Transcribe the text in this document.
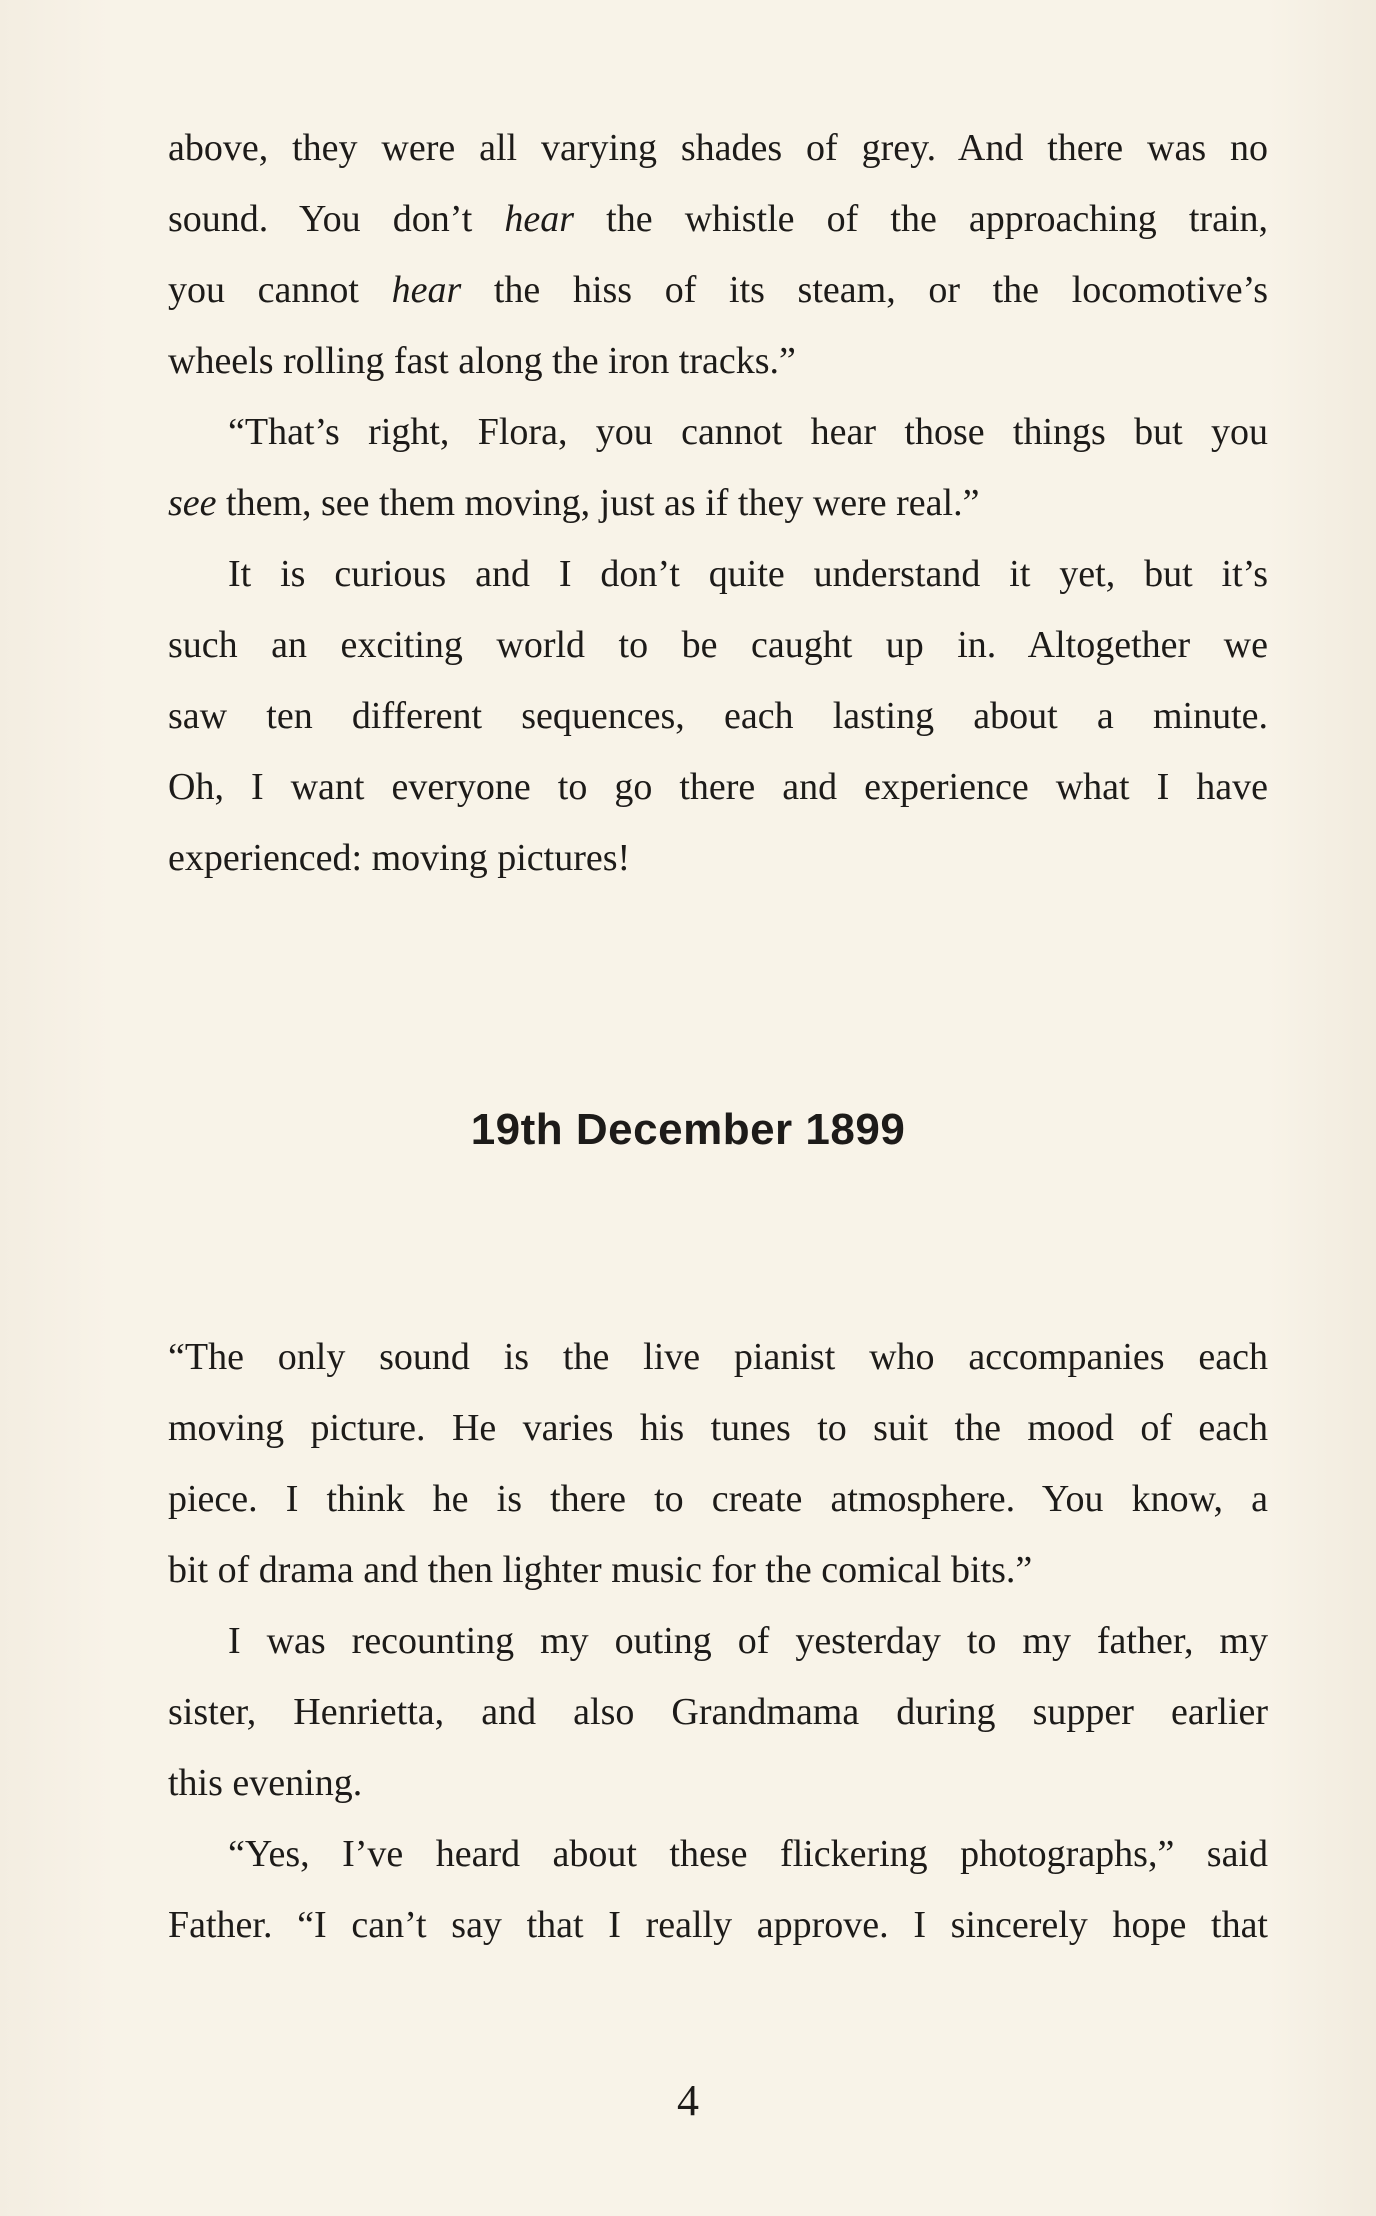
above, they were all varying shades of grey. And there was no
sound. You don’t hear the whistle of the approaching train,
you cannot hear the hiss of its steam, or the locomotive’s
wheels rolling fast along the iron tracks.”
“That’s right, Flora, you cannot hear those things but you
see them, see them moving, just as if they were real.”
It is curious and I don’t quite understand it yet, but it’s
such an exciting world to be caught up in. Altogether we
saw ten different sequences, each lasting about a minute.
Oh, I want everyone to go there and experience what I have
experienced: moving pictures!
19th December 1899
“The only sound is the live pianist who accompanies each
moving picture. He varies his tunes to suit the mood of each
piece. I think he is there to create atmosphere. You know, a
bit of drama and then lighter music for the comical bits.”
I was recounting my outing of yesterday to my father, my
sister, Henrietta, and also Grandmama during supper earlier
this evening.
“Yes, I’ve heard about these flickering photographs,” said
Father. “I can’t say that I really approve. I sincerely hope that
4
